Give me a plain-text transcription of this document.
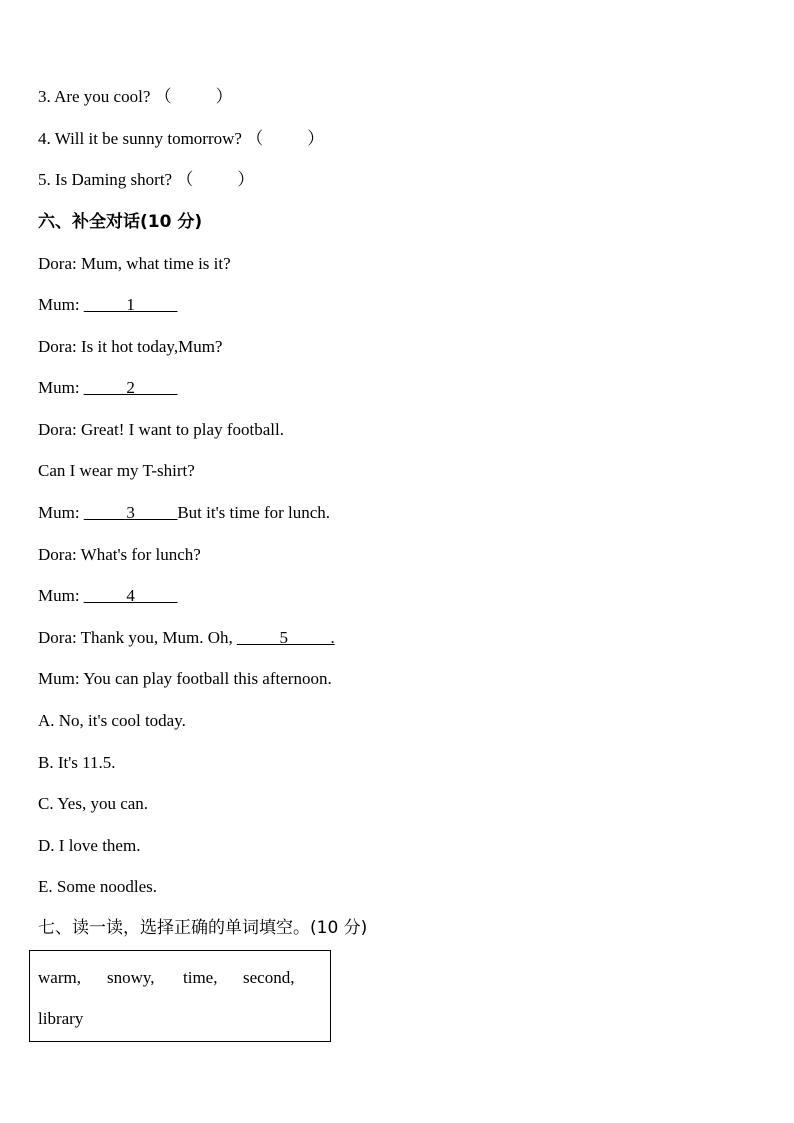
3. Are you cool? （	）
4. Will it be sunny tomorrow? （	）
5. Is Daming short? （	）
六、补全对话(10 分)
Dora: Mum, what time is it?
Mum: _____1_____
Dora: Is it hot today,Mum?
Mum: _____2_____
Dora: Great! I want to play football.
Can I wear my T-shirt?
Mum: _____3_____But it's time for lunch.
Dora: What's for lunch?
Mum: _____4_____
Dora: Thank you, Mum. Oh, _____5_____.
Mum: You can play football this afternoon.
A. No, it's cool today.
B. It's 11.5.
C. Yes, you can.
D. I love them.
E. Some noodles.
七、读一读，选择正确的单词填空。(10 分)
warm, snowy, time, second,
library
